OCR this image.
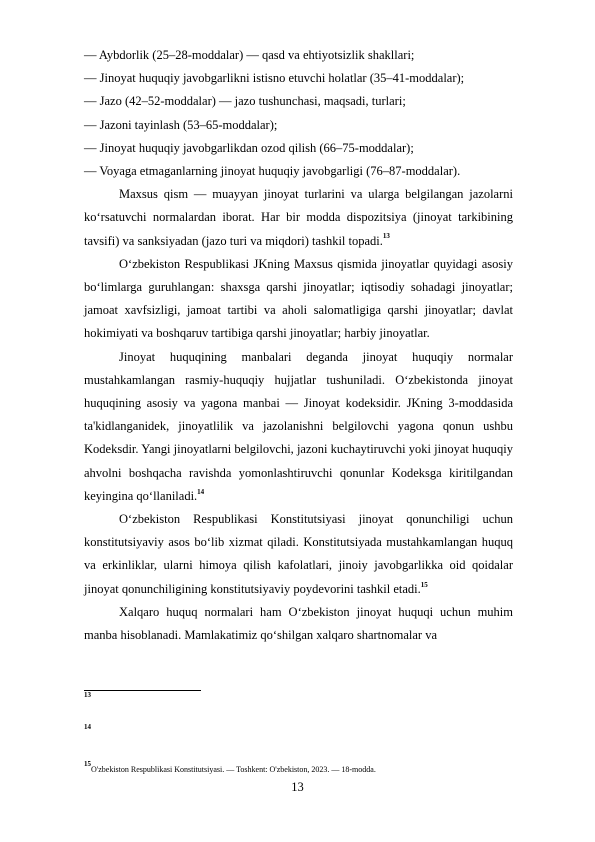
— Aybdorlik (25–28-moddalar) — qasd va ehtiyotsizlik shakllari;
— Jinoyat huquqiy javobgarlikni istisno etuvchi holatlar (35–41-moddalar);
— Jazo (42–52-moddalar) — jazo tushunchasi, maqsadi, turlari;
— Jazoni tayinlash (53–65-moddalar);
— Jinoyat huquqiy javobgarlikdan ozod qilish (66–75-moddalar);
— Voyaga etmaganlarning jinoyat huquqiy javobgarligi (76–87-moddalar).

Maxsus qism — muayyan jinoyat turlarini va ularga belgilangan jazolarni ko‘rsatuvchi normalardan iborat. Har bir modda dispozitsiya (jinoyat tarkibining tavsifi) va sanksiyadan (jazo turi va miqdori) tashkil topadi.$^{13}$

O‘zbekiston Respublikasi JKning Maxsus qismida jinoyatlar quyidagi asosiy bo‘limlarga guruhlangan: shaxsga qarshi jinoyatlar; iqtisodiy sohadagi jinoyatlar; jamoat xavfsizligi, jamoat tartibi va aholi salomatligiga qarshi jinoyatlar; davlat hokimiyati va boshqaruv tartibiga qarshi jinoyatlar; harbiy jinoyatlar.

Jinoyat huquqining manbalari deganda jinoyat huquqiy normalar mustahkamlangan rasmiy-huquqiy hujjatlar tushuniladi. O‘zbekistonda jinoyat huquqining asosiy va yagona manbai — Jinoyat kodeksidir. JKning 3-moddasida ta'kidlanganidek, jinoyatlilik va jazolanishni belgilovchi yagona qonun ushbu Kodeksdir. Yangi jinoyatlarni belgilovchi, jazoni kuchaytiruvchi yoki jinoyat huquqiy ahvolni boshqacha ravishda yomonlashtiruvchi qonunlar Kodeksga kiritilgandan keyingina qo‘llaniladi.$^{14}$

O‘zbekiston Respublikasi Konstitutsiyasi jinoyat qonunchiligi uchun konstitutsiyaviy asos bo‘lib xizmat qiladi. Konstitutsiyada mustahkamlangan huquq va erkinliklar, ularni himoya qilish kafolatlari, jinoiy javobgarlikka oid qoidalar jinoyat qonunchiligining konstitutsiyaviy poydevorini tashkil etadi.$^{15}$

Xalqaro huquq normalari ham O‘zbekiston jinoyat huquqi uchun muhim manba hisoblanadi. Mamlakatimiz qo‘shilgan xalqaro shartnomalar va

$^{13}$
$^{14}$
$^{15}$O'zbekiston Respublikasi Konstitutsiyasi. — Toshkent: O'zbekiston, 2023. — 18-modda.
13
